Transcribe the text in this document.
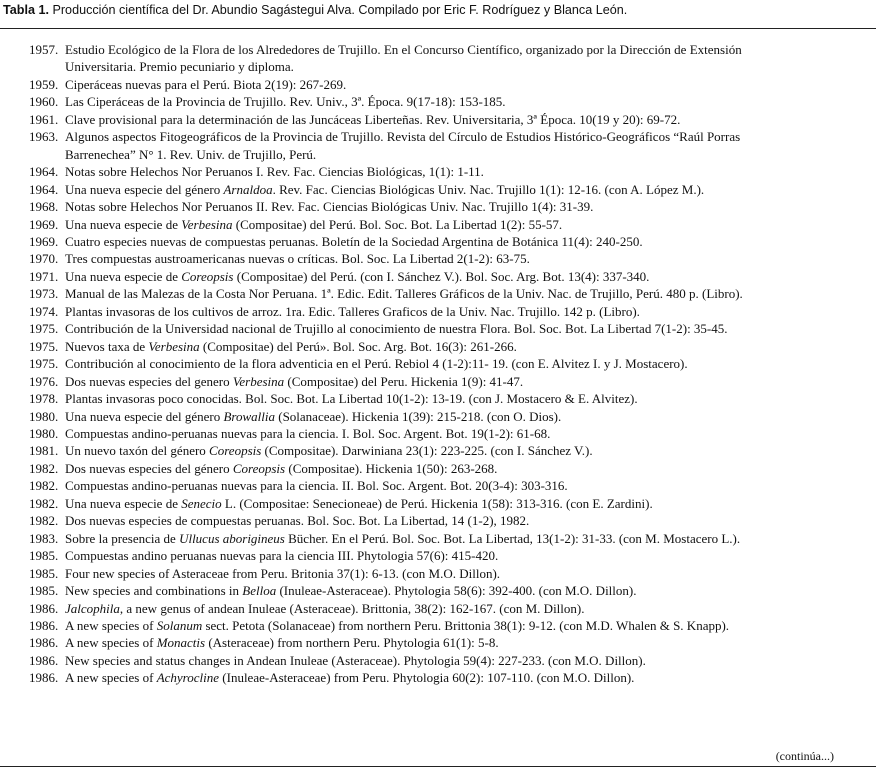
Tabla 1. Producción científica del Dr. Abundio Sagástegui Alva. Compilado por Eric F. Rodríguez y Blanca León.
1957. Estudio Ecológico de la Flora de los Alrededores de Trujillo. En el Concurso Científico, organizado por la Dirección de Extensión
Universitaria. Premio pecuniario y diploma.
1959. Ciperáceas nuevas para el Perú. Biota 2(19): 267-269.
1960. Las Ciperáceas de la Provincia de Trujillo. Rev. Univ., 3ª. Época. 9(17-18): 153-185.
1961. Clave provisional para la determinación de las Juncáceas Liberteñas. Rev. Universitaria, 3ª Época. 10(19 y 20): 69-72.
1963. Algunos aspectos Fitogeográficos de la Provincia de Trujillo. Revista del Círculo de Estudios Histórico-Geográficos “Raúl Porras
Barrenechea” N° 1. Rev. Univ. de Trujillo, Perú.
1964. Notas sobre Helechos Nor Peruanos I. Rev. Fac. Ciencias Biológicas, 1(1): 1-11.
1964. Una nueva especie del género Arnaldoa. Rev. Fac. Ciencias Biológicas Univ. Nac. Trujillo 1(1): 12-16. (con A. López M.).
1968. Notas sobre Helechos Nor Peruanos II. Rev. Fac. Ciencias Biológicas Univ. Nac. Trujillo 1(4): 31-39.
1969. Una nueva especie de Verbesina (Compositae) del Perú. Bol. Soc. Bot. La Libertad 1(2): 55-57.
1969. Cuatro especies nuevas de compuestas peruanas. Boletín de la Sociedad Argentina de Botánica 11(4): 240-250.
1970. Tres compuestas austroamericanas nuevas o críticas. Bol. Soc. La Libertad 2(1-2): 63-75.
1971. Una nueva especie de Coreopsis (Compositae) del Perú. (con I. Sánchez V.). Bol. Soc. Arg. Bot. 13(4): 337-340.
1973. Manual de las Malezas de la Costa Nor Peruana. 1ª. Edic. Edit. Talleres Gráficos de la Univ. Nac. de Trujillo, Perú. 480 p. (Libro).
1974. Plantas invasoras de los cultivos de arroz. 1ra. Edic. Talleres Graficos de la Univ. Nac. Trujillo. 142 p. (Libro).
1975. Contribución de la Universidad nacional de Trujillo al conocimiento de nuestra Flora. Bol. Soc. Bot. La Libertad 7(1-2): 35-45.
1975. Nuevos taxa de Verbesina (Compositae) del Perú». Bol. Soc. Arg. Bot. 16(3): 261-266.
1975. Contribución al conocimiento de la flora adventicia en el Perú. Rebiol 4 (1-2):11- 19. (con E. Alvitez I. y J. Mostacero).
1976. Dos nuevas especies del genero Verbesina (Compositae) del Peru. Hickenia 1(9): 41-47.
1978. Plantas invasoras poco conocidas. Bol. Soc. Bot. La Libertad 10(1-2): 13-19. (con J. Mostacero & E. Alvitez).
1980. Una nueva especie del género Browallia (Solanaceae). Hickenia 1(39): 215-218. (con O. Dios).
1980. Compuestas andino-peruanas nuevas para la ciencia. I. Bol. Soc. Argent. Bot. 19(1-2): 61-68.
1981. Un nuevo taxón del género Coreopsis (Compositae). Darwiniana 23(1): 223-225. (con I. Sánchez V.).
1982. Dos nuevas especies del género Coreopsis (Compositae). Hickenia 1(50): 263-268.
1982. Compuestas andino-peruanas nuevas para la ciencia. II. Bol. Soc. Argent. Bot. 20(3-4): 303-316.
1982. Una nueva especie de Senecio L. (Compositae: Senecioneae) de Perú. Hickenia 1(58): 313-316. (con E. Zardini).
1982. Dos nuevas especies de compuestas peruanas. Bol. Soc. Bot. La Libertad, 14 (1-2), 1982.
1983. Sobre la presencia de Ullucus aborigineus Bücher. En el Perú. Bol. Soc. Bot. La Libertad, 13(1-2): 31-33. (con M. Mostacero L.).
1985. Compuestas andino peruanas nuevas para la ciencia III. Phytologia 57(6): 415-420.
1985. Four new species of Asteraceae from Peru. Britonia 37(1): 6-13. (con M.O. Dillon).
1985. New species and combinations in Belloa (Inuleae-Asteraceae). Phytologia 58(6): 392-400. (con M.O. Dillon).
1986. Jalcophila, a new genus of andean Inuleae (Asteraceae). Brittonia, 38(2): 162-167. (con M. Dillon).
1986. A new species of Solanum sect. Petota (Solanaceae) from northern Peru. Brittonia 38(1): 9-12. (con M.D. Whalen & S. Knapp).
1986. A new species of Monactis (Asteraceae) from northern Peru. Phytologia 61(1): 5-8.
1986. New species and status changes in Andean Inuleae (Asteraceae). Phytologia 59(4): 227-233. (con M.O. Dillon).
1986. A new species of Achyrocline (Inuleae-Asteraceae) from Peru. Phytologia 60(2): 107-110. (con M.O. Dillon).
(continúa...)
